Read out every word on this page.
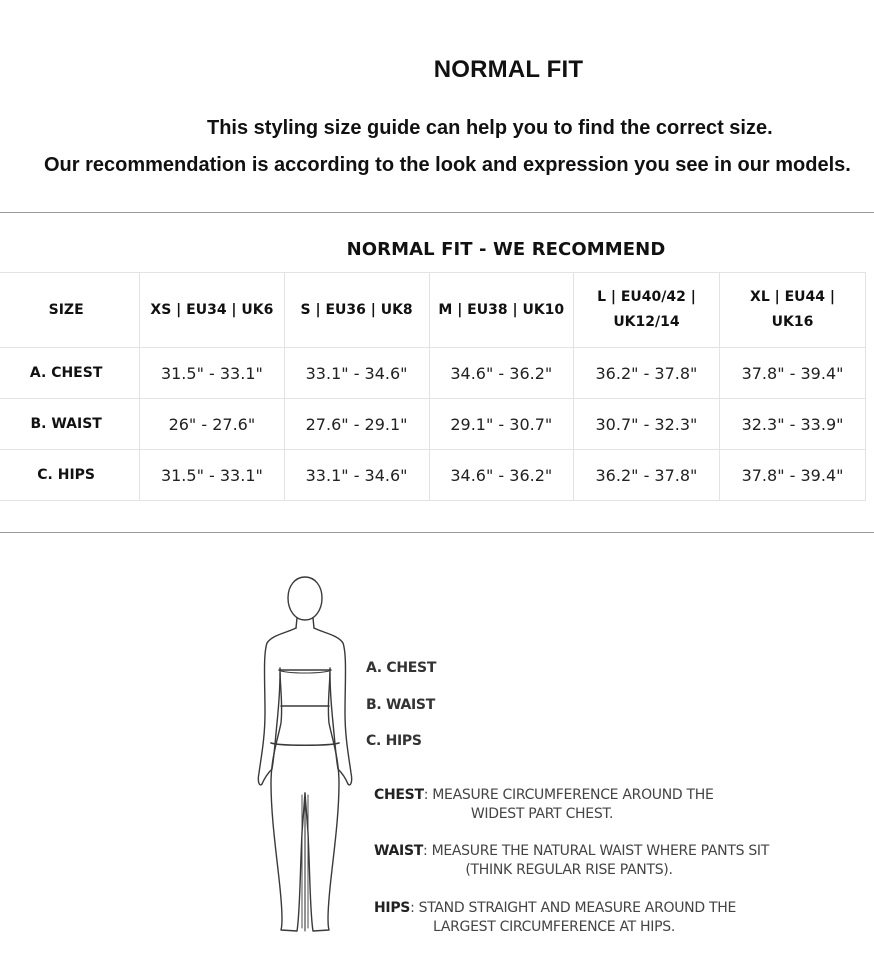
NORMAL FIT
This styling size guide can help you to find the correct size.
Our recommendation is according to the look and expression you see in our models.
NORMAL FIT - WE RECOMMEND
SIZE	XS | EU34 | UK6	S | EU36 | UK8	M | EU38 | UK10	L | EU40/42 | UK12/14	XL | EU44 | UK16
A. CHEST	31.5" - 33.1"	33.1" - 34.6"	34.6" - 36.2"	36.2" - 37.8"	37.8" - 39.4"
B. WAIST	26" - 27.6"	27.6" - 29.1"	29.1" - 30.7"	30.7" - 32.3"	32.3" - 33.9"
C. HIPS	31.5" - 33.1"	33.1" - 34.6"	34.6" - 36.2"	36.2" - 37.8"	37.8" - 39.4"
A. CHEST
B. WAIST
C. HIPS
CHEST: MEASURE CIRCUMFERENCE AROUND THE
WIDEST PART CHEST.
WAIST: MEASURE THE NATURAL WAIST WHERE PANTS SIT
(THINK REGULAR RISE PANTS).
HIPS: STAND STRAIGHT AND MEASURE AROUND THE
LARGEST CIRCUMFERENCE AT HIPS.
